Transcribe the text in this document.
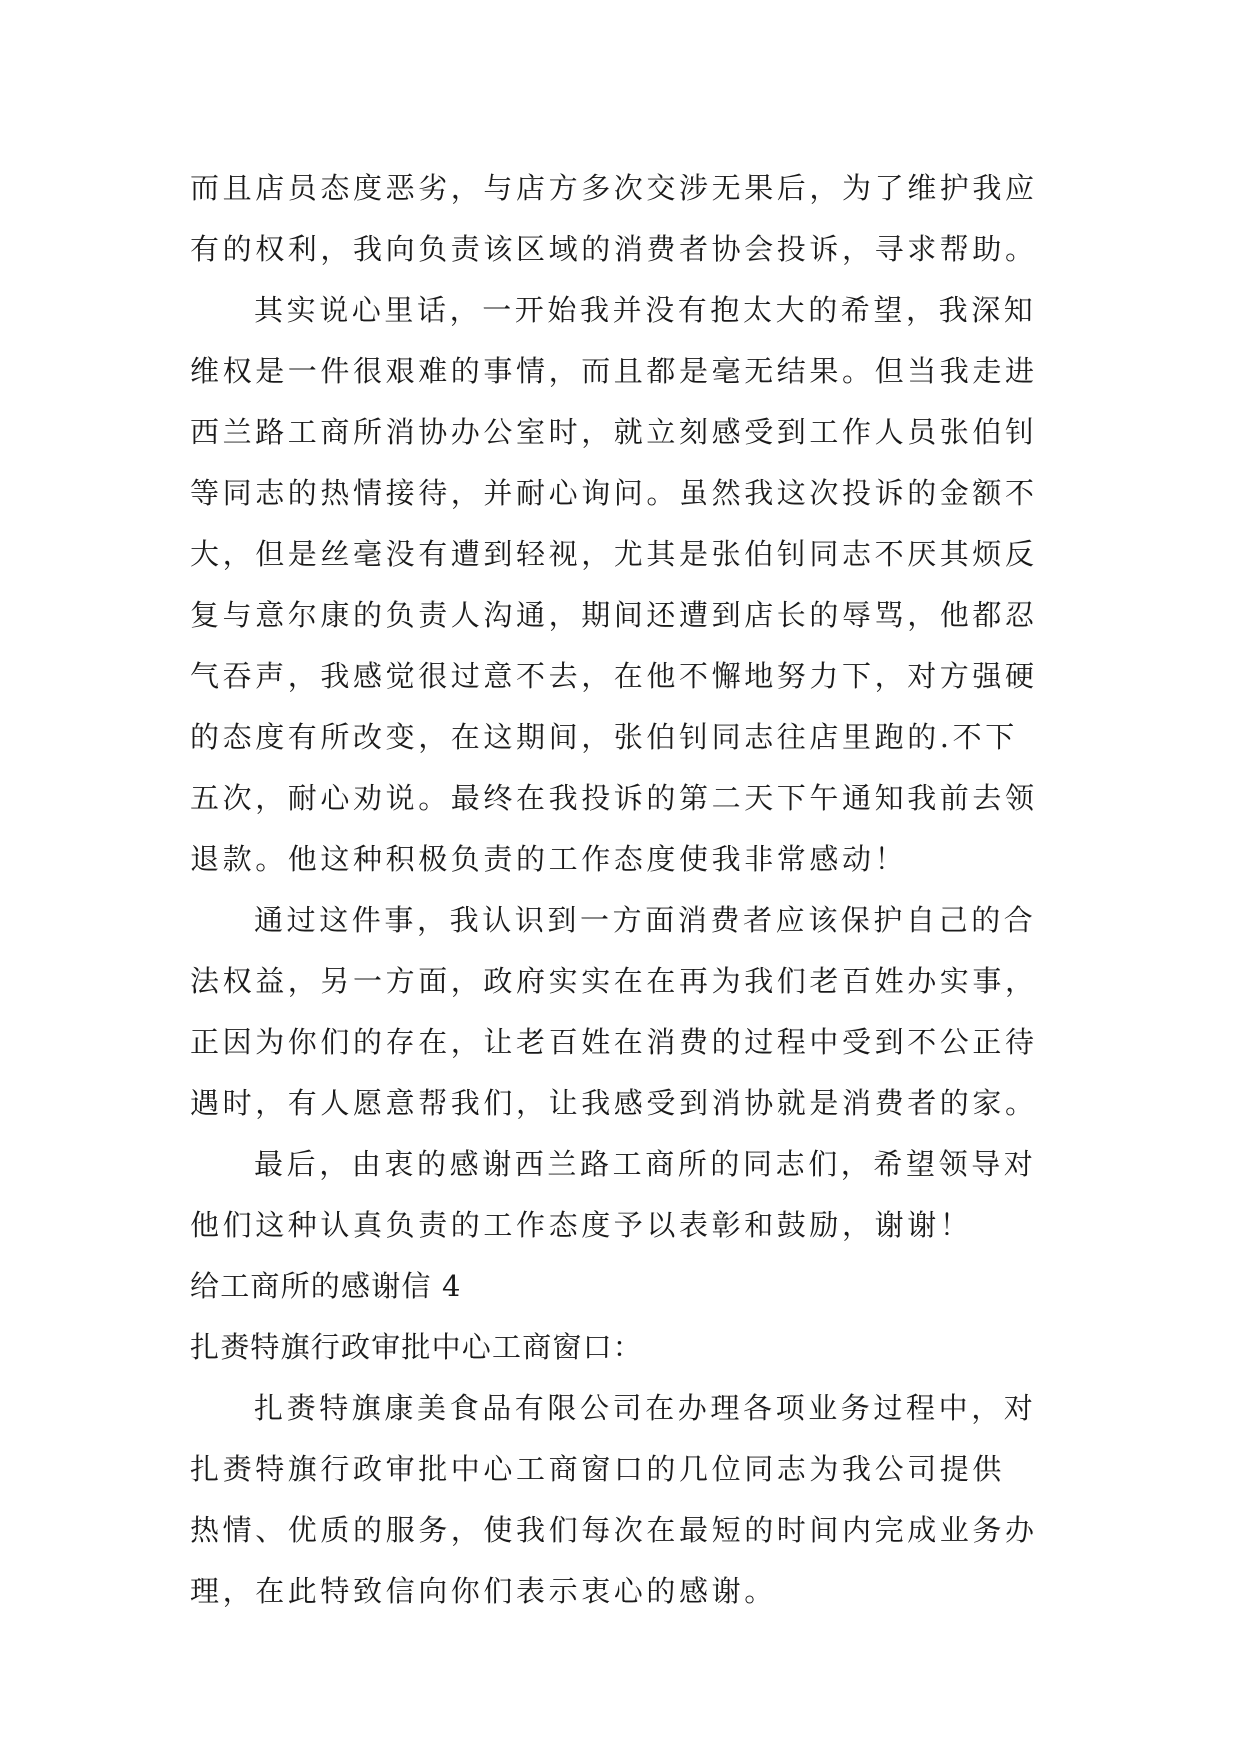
而且店员态度恶劣，与店方多次交涉无果后，为了维护我应
有的权利，我向负责该区域的消费者协会投诉，寻求帮助。
其实说心里话，一开始我并没有抱太大的希望，我深知
维权是一件很艰难的事情，而且都是毫无结果。但当我走进
西兰路工商所消协办公室时，就立刻感受到工作人员张伯钊
等同志的热情接待，并耐心询问。虽然我这次投诉的金额不
大，但是丝毫没有遭到轻视，尤其是张伯钊同志不厌其烦反
复与意尔康的负责人沟通，期间还遭到店长的辱骂，他都忍
气吞声，我感觉很过意不去，在他不懈地努力下，对方强硬
的态度有所改变，在这期间，张伯钊同志往店里跑的.不下
五次，耐心劝说。最终在我投诉的第二天下午通知我前去领
退款。他这种积极负责的工作态度使我非常感动！
通过这件事，我认识到一方面消费者应该保护自己的合
法权益，另一方面，政府实实在在再为我们老百姓办实事，
正因为你们的存在，让老百姓在消费的过程中受到不公正待
遇时，有人愿意帮我们，让我感受到消协就是消费者的家。
最后，由衷的感谢西兰路工商所的同志们，希望领导对
他们这种认真负责的工作态度予以表彰和鼓励，谢谢！
给工商所的感谢信 4
扎赉特旗行政审批中心工商窗口：
扎赉特旗康美食品有限公司在办理各项业务过程中，对
扎赉特旗行政审批中心工商窗口的几位同志为我公司提供
热情、优质的服务，使我们每次在最短的时间内完成业务办
理，在此特致信向你们表示衷心的感谢。
